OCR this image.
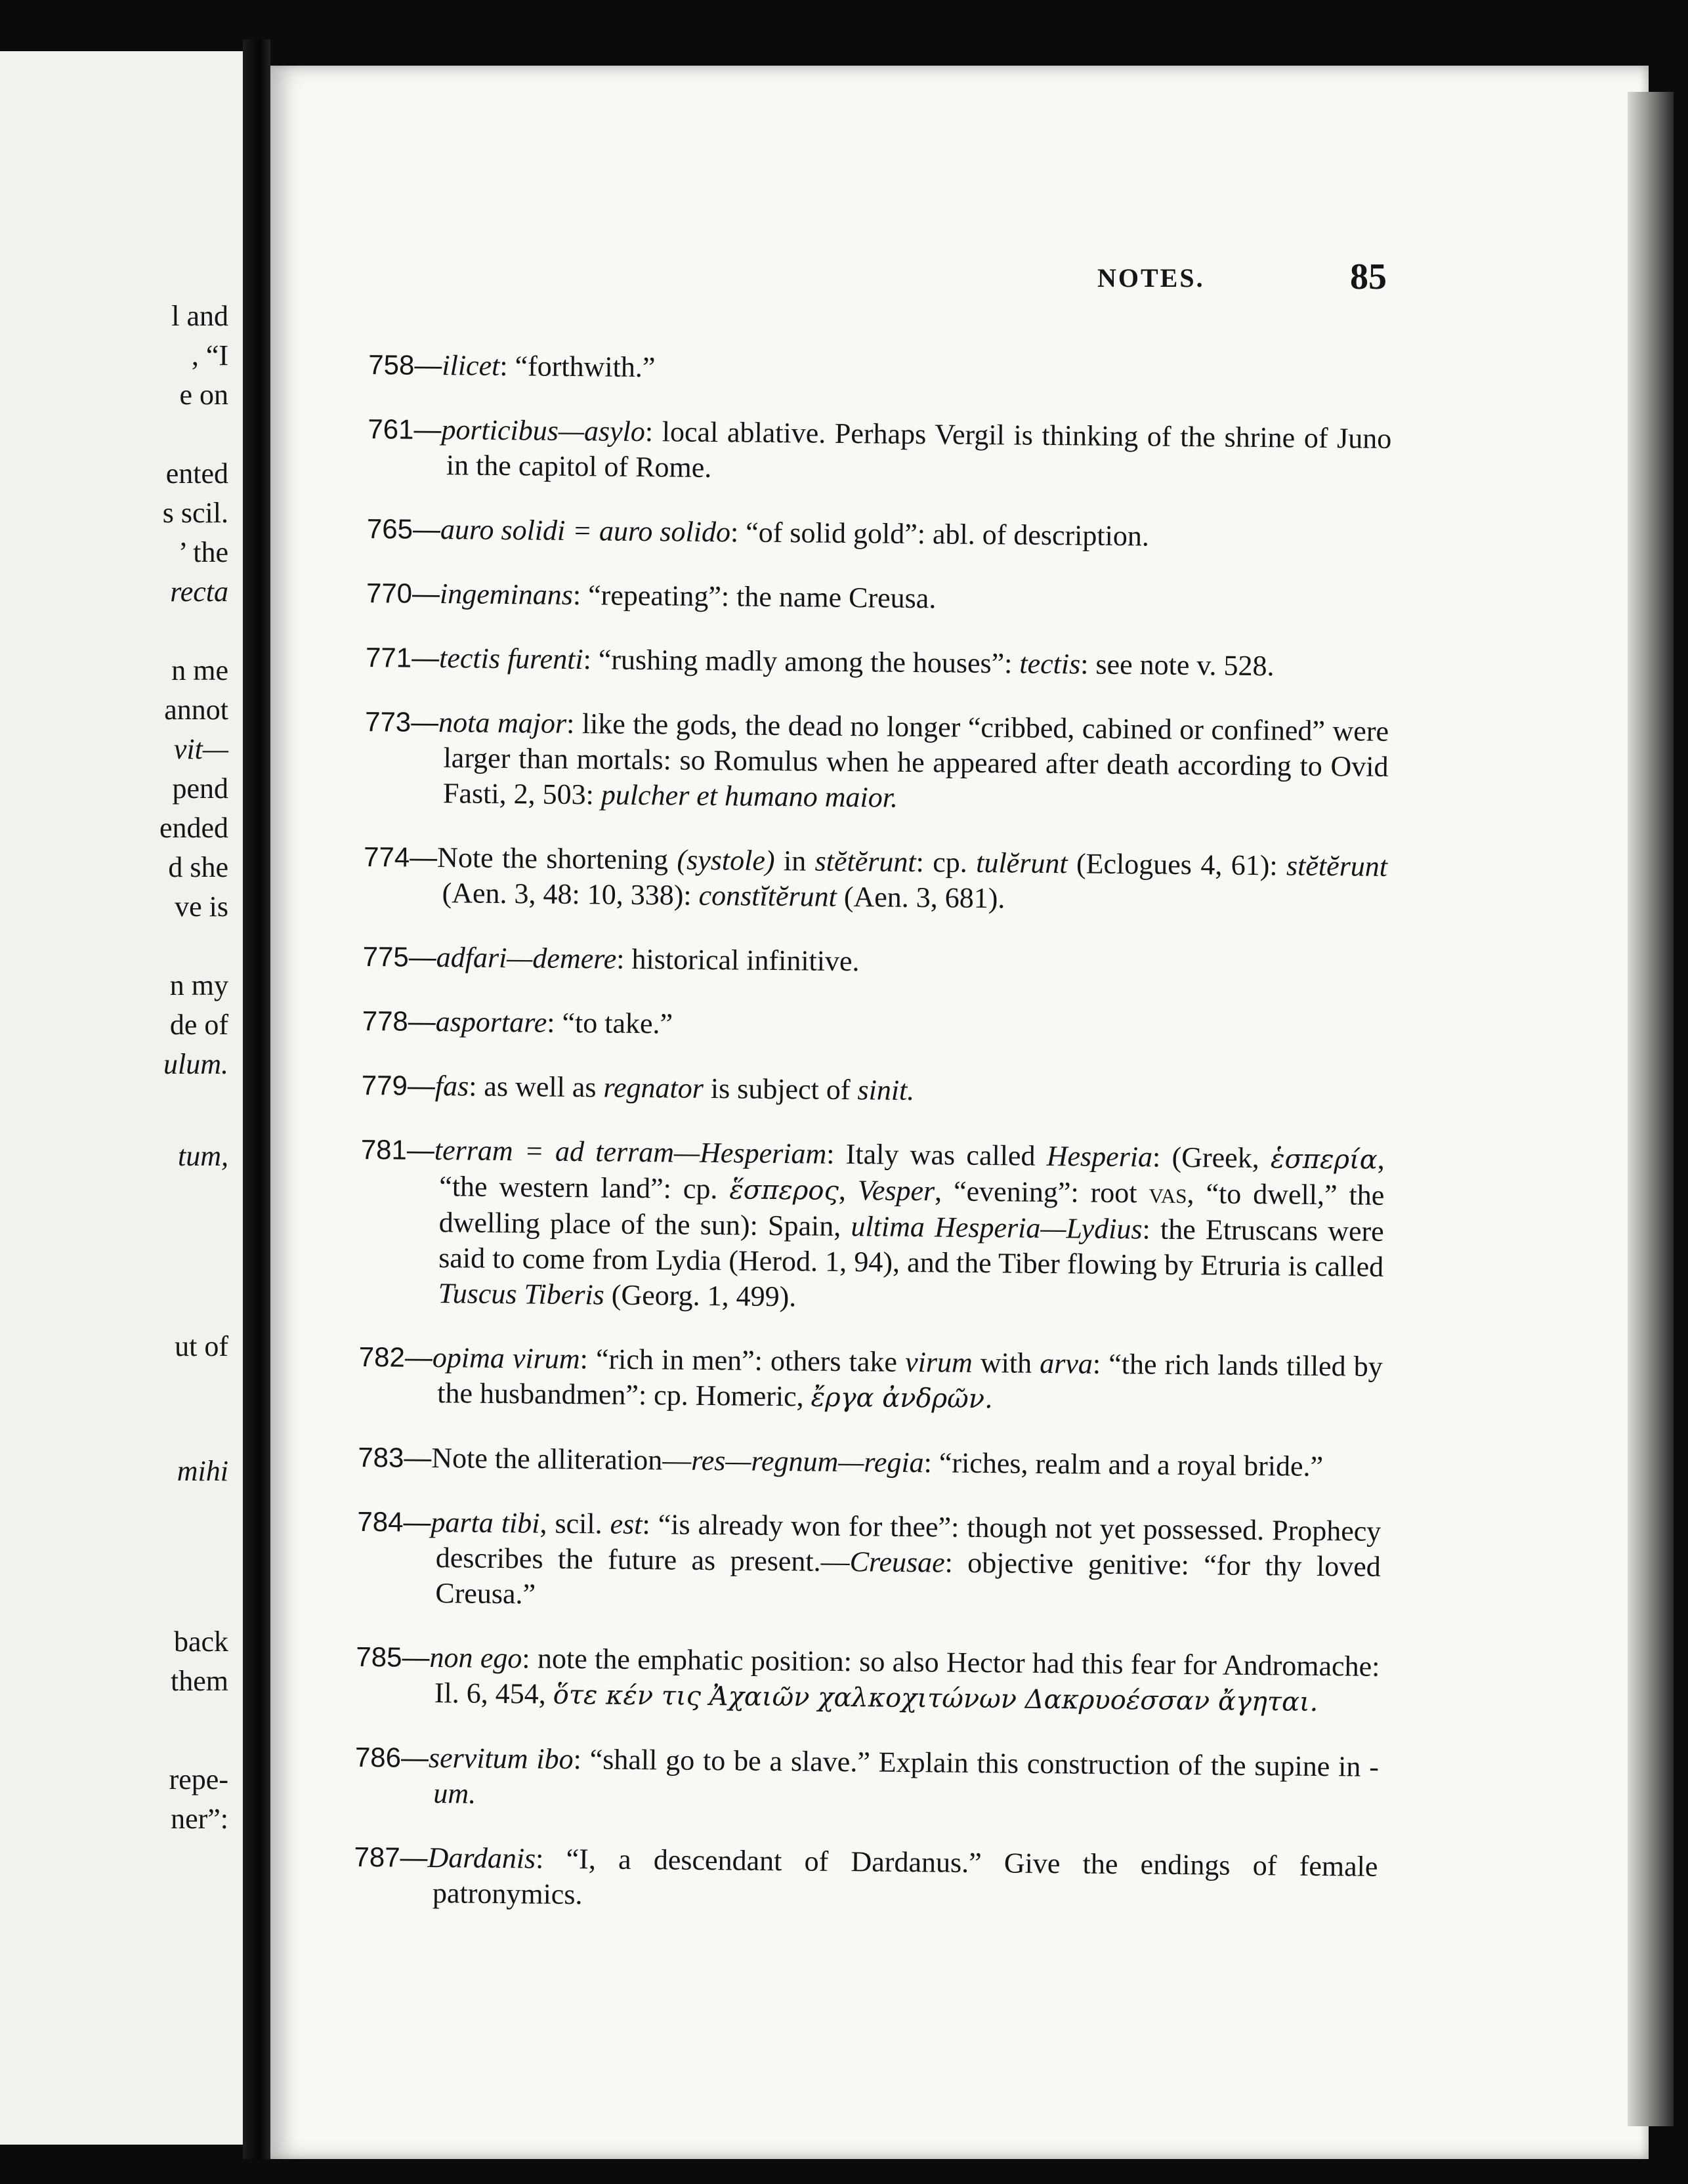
l and
, “I
e on
ented
s scil.
’ the
recta
n me
annot
vit—
pend
ended
d she
ve is
n my
de of
ulum.
tum,
ut of
mihi
back
them
repe-
ner”:
NOTES.	85

758—ilicet: “forthwith.”

761—porticibus—asylo: local ablative. Perhaps Vergil is thinking of the shrine of Juno in the capitol of Rome.

765—auro solidi = auro solido: “of solid gold”: abl. of description.

770—ingeminans: “repeating”: the name Creusa.

771—tectis furenti: “rushing madly among the houses”: tectis: see note v. 528.

773—nota major: like the gods, the dead no longer “cribbed, cabined or confined” were larger than mortals: so Romulus when he appeared after death according to Ovid Fasti, 2, 503: pulcher et humano maior.

774—Note the shortening (systole) in stĕtĕrunt: cp. tulĕrunt (Eclogues 4, 61): stĕtĕrunt (Aen. 3, 48: 10, 338): constĭtĕrunt (Aen. 3, 681).

775—adfari—demere: historical infinitive.

778—asportare: “to take.”

779—fas: as well as regnator is subject of sinit.

781—terram = ad terram—Hesperiam: Italy was called Hesperia: (Greek, ἑσπερία, “the western land”: cp. ἕσπερος, Vesper, “evening”: root vas, “to dwell,” the dwelling place of the sun): Spain, ultima Hesperia—Lydius: the Etruscans were said to come from Lydia (Herod. 1, 94), and the Tiber flowing by Etruria is called Tuscus Tiberis (Georg. 1, 499).

782—opima virum: “rich in men”: others take virum with arva: “the rich lands tilled by the husbandmen”: cp. Homeric, ἔργα ἀνδρῶν.

783—Note the alliteration—res—regnum—regia: “riches, realm and a royal bride.”

784—parta tibi, scil. est: “is already won for thee”: though not yet possessed. Prophecy describes the future as present.—Creusae: objective genitive: “for thy loved Creusa.”

785—non ego: note the emphatic position: so also Hector had this fear for Andromache: Il. 6, 454, ὅτε κέν τις Ἀχαιῶν χαλκοχιτώνων Δακρυοέσσαν ἄγηται.

786—servitum ibo: “shall go to be a slave.” Explain this construction of the supine in -um.

787—Dardanis: “I, a descendant of Dardanus.” Give the endings of female patronymics.
